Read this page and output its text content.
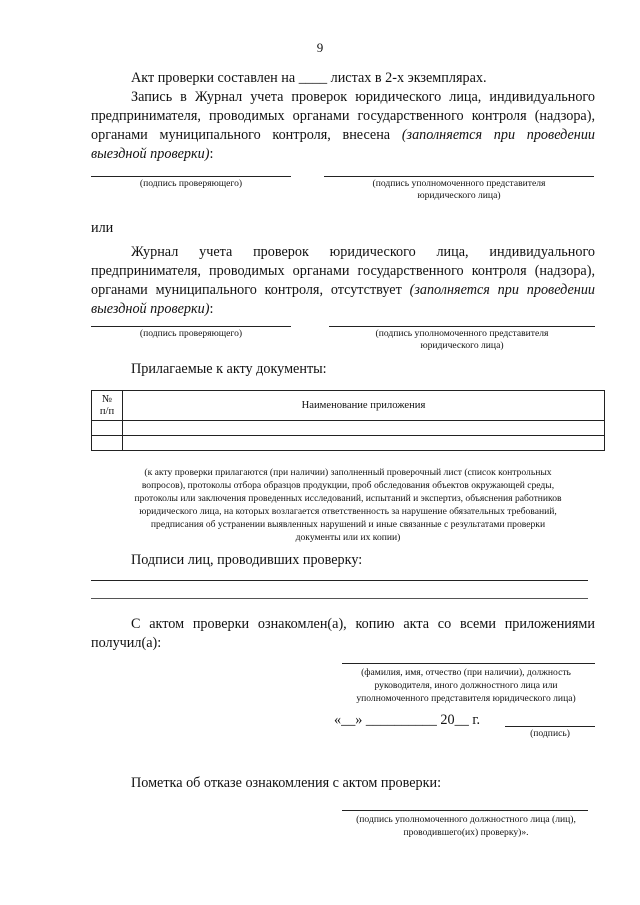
9
Акт проверки составлен на ____ листах в 2-х экземплярах.
Запись в Журнал учета проверок юридического лица, индивидуального
предпринимателя, проводимых органами государственного контроля (надзора),
органами муниципального контроля, внесена (заполняется при проведении
выездной проверки):
(подпись проверяющего)	(подпись уполномоченного представителя
юридического лица)
или
Журнал учета проверок юридического лица, индивидуального
предпринимателя, проводимых органами государственного контроля (надзора),
органами муниципального контроля, отсутствует (заполняется при проведении
выездной проверки):
(подпись проверяющего)	(подпись уполномоченного представителя
юридического лица)
Прилагаемые к акту документы:
№
п/п	Наименование приложения

(к акту проверки прилагаются (при наличии) заполненный проверочный лист (список контрольных
вопросов), протоколы отбора образцов продукции, проб обследования объектов окружающей среды,
протоколы или заключения проведенных исследований, испытаний и экспертиз, объяснения работников
юридического лица, на которых возлагается ответственность за нарушение обязательных требований,
предписания об устранении выявленных нарушений и иные связанные с результатами проверки
документы или их копии)
Подписи лиц, проводивших проверку:
С актом проверки ознакомлен(а), копию акта со всеми приложениями
получил(а):
(фамилия, имя, отчество (при наличии), должность
руководителя, иного должностного лица или
уполномоченного представителя юридического лица)
«__» __________ 20__ г.
(подпись)
Пометка об отказе ознакомления с актом проверки:
(подпись уполномоченного должностного лица (лиц),
проводившего(их) проверку)».
